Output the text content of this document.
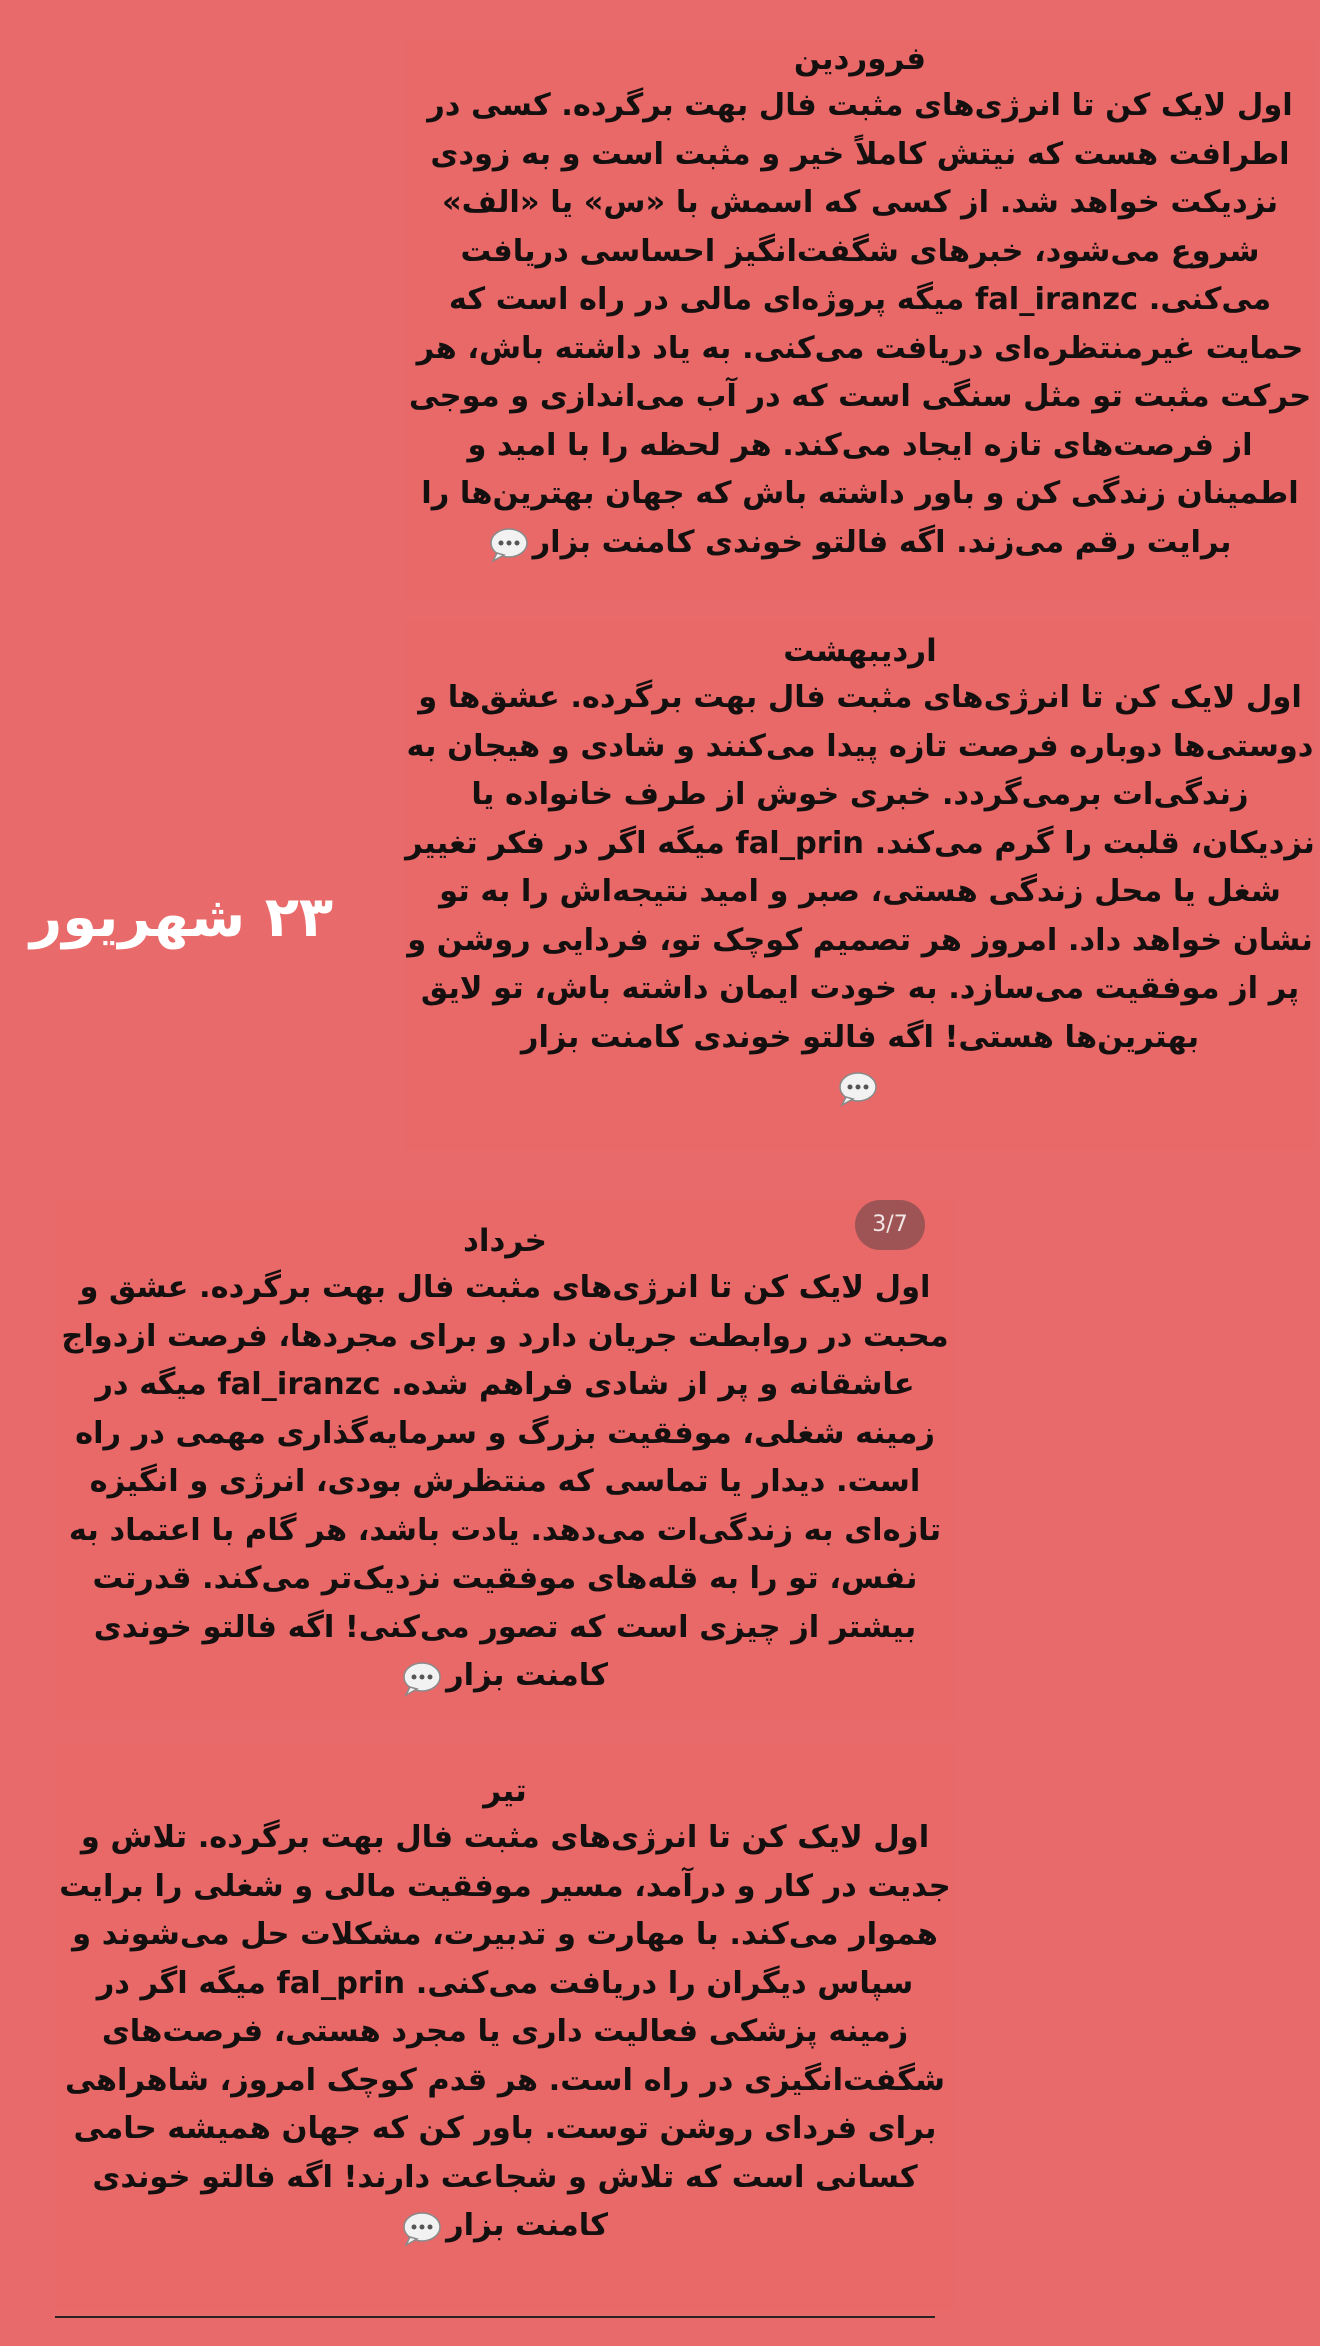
فروردین

اول لایک کن تا انرژی‌های مثبت فال بهت برگرده. کسی در اطرافت هست که نیتش کاملاً خیر و مثبت است و به زودی نزدیکت خواهد شد. از کسی که اسمش با «س» یا «الف» شروع می‌شود، خبرهای شگفت‌انگیز احساسی دریافت می‌کنی. fal_iranzc میگه پروژه‌ای مالی در راه است که حمایت غیرمنتظره‌ای دریافت می‌کنی. به یاد داشته باش، هر حرکت مثبت تو مثل سنگی است که در آب می‌اندازی و موجی از فرصت‌های تازه ایجاد می‌کند. هر لحظه را با امید و اطمینان زندگی کن و باور داشته باش که جهان بهترین‌ها را برایت رقم می‌زند. اگه فالتو خوندی کامنت بزار

اردیبهشت

اول لایک کن تا انرژی‌های مثبت فال بهت برگرده. عشق‌ها و دوستی‌ها دوباره فرصت تازه پیدا می‌کنند و شادی و هیجان به زندگی‌ات برمی‌گردد. خبری خوش از طرف خانواده یا نزدیکان، قلبت را گرم می‌کند. fal_prin میگه اگر در فکر تغییر شغل یا محل زندگی هستی، صبر و امید نتیجه‌اش را به تو نشان خواهد داد. امروز هر تصمیم کوچک تو، فردایی روشن و پر از موفقیت می‌سازد. به خودت ایمان داشته باش، تو لایق بهترین‌ها هستی! اگه فالتو خوندی کامنت بزار

خرداد

اول لایک کن تا انرژی‌های مثبت فال بهت برگرده. عشق و محبت در روابطت جریان دارد و برای مجردها، فرصت ازدواج عاشقانه و پر از شادی فراهم شده. fal_iranzc میگه در زمینه شغلی، موفقیت بزرگ و سرمایه‌گذاری مهمی در راه است. دیدار یا تماسی که منتظرش بودی، انرژی و انگیزه تازه‌ای به زندگی‌ات می‌دهد. یادت باشد، هر گام با اعتماد به نفس، تو را به قله‌های موفقیت نزدیک‌تر می‌کند. قدرتت بیشتر از چیزی است که تصور می‌کنی! اگه فالتو خوندی کامنت بزار

تیر

اول لایک کن تا انرژی‌های مثبت فال بهت برگرده. تلاش و جدیت در کار و درآمد، مسیر موفقیت مالی و شغلی را برایت هموار می‌کند. با مهارت و تدبیرت، مشکلات حل می‌شوند و سپاس دیگران را دریافت می‌کنی. fal_prin میگه اگر در زمینه پزشکی فعالیت داری یا مجرد هستی، فرصت‌های شگفت‌انگیزی در راه است. هر قدم کوچک امروز، شاهراهی برای فردای روشن توست. باور کن که جهان همیشه حامی کسانی است که تلاش و شجاعت دارند! اگه فالتو خوندی کامنت بزار

۲۳ شهریور
3/7
